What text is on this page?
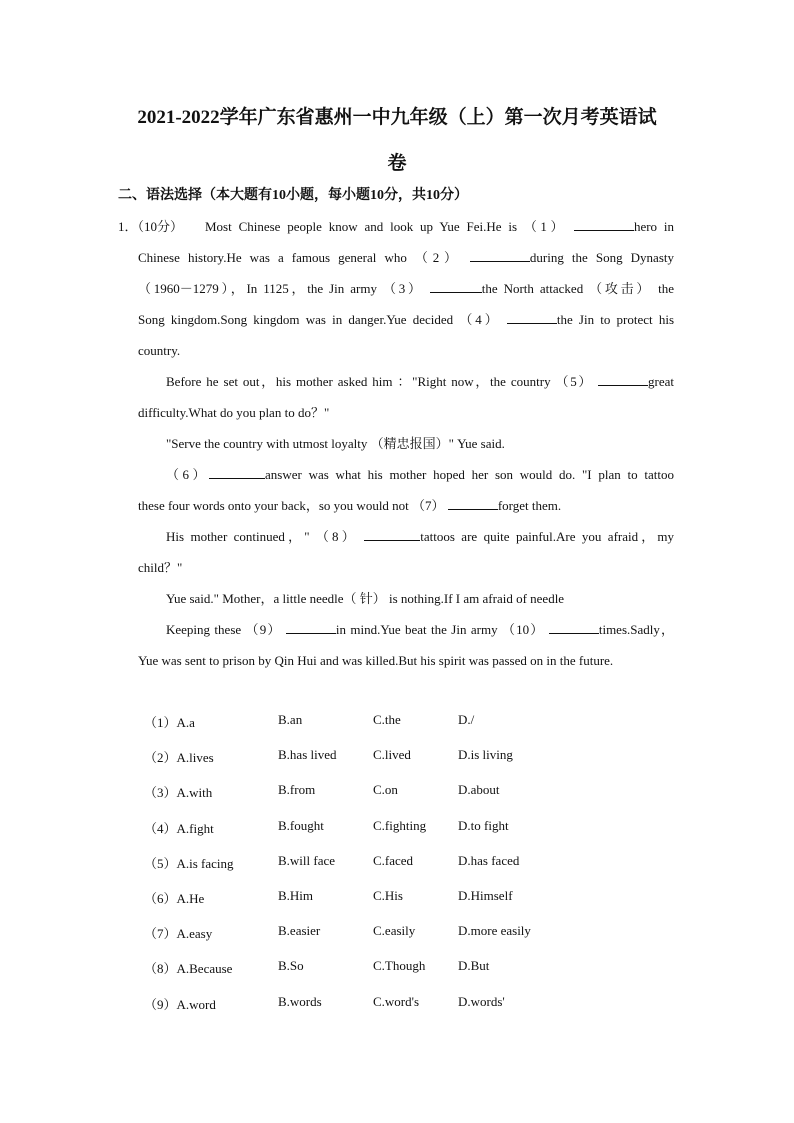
2021-2022学年广东省惠州一中九年级（上）第一次月考英语试
卷
二、语法选择（本大题有10小题，每小题10分，共10分）
1．（10分） Most Chinese people know and look up Yue Fei.He is （1）	hero in
Chinese history.He was a famous general who （2）	during the Song Dynasty
（1960－1279），In 1125，the Jin army （3）	the North attacked （攻击） the
Song kingdom.Song kingdom was in danger.Yue decided （4）	the Jin to protect his
country.
Before he set out，his mother asked him ："Right now，the country （5）	great
difficulty.What do you plan to do？"
"Serve the country with utmost loyalty （精忠报国）" Yue said.
（6）	answer was what his mother hoped her son would do. "I plan to tattoo
these four words onto your back，so you would not （7）	forget them.
His mother continued，" （8）	tattoos are quite painful.Are you afraid，my
child？"
Yue said." Mother，a little needle（ 针） is nothing.If I am afraid of needle
Keeping these （9）	in mind.Yue beat the Jin army （10）	times.Sadly，
Yue was sent to prison by Qin Hui and was killed.But his spirit was passed on in the future.
（1）A.a	B.an	C.the	D./
（2）A.lives	B.has lived	C.lived	D.is living
（3）A.with	B.from	C.on	D.about
（4）A.fight	B.fought	C.fighting D.to fight
（5）A.is facing	B.will face	C.faced	D.has faced
（6）A.He	B.Him	C.His	D.Himself
（7）A.easy	B.easier	C.easily	D.more easily
（8）A.Because	B.So	C.Though	D.But
（9）A.word	B.words	C.word's	D.words'
